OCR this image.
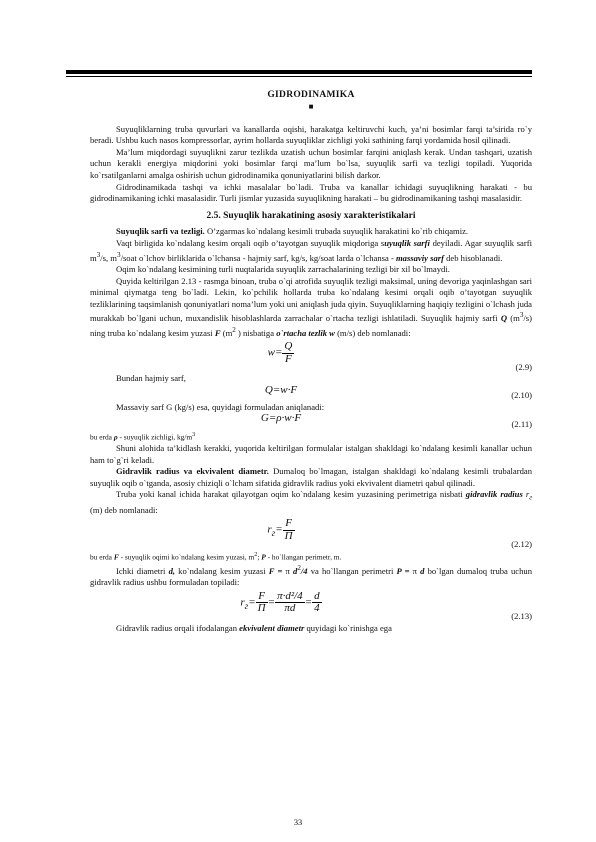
GIDRODINAMIKA
■

Suyuqliklarning truba quvurlari va kanallarda oqishi, harakatga keltiruvchi kuch, ya’ni bosimlar farqi ta’sirida ro`y beradi. Ushbu kuch nasos kompressorlar, ayrim hollarda suyuqliklar zichligi yoki sathining farqi yordamida hosil qilinadi.

Ma’lum miqdordagi suyuqlikni zarur tezlikda uzatish uchun bosimlar farqini aniqlash kerak. Undan tashqari, uzatish uchun kerakli energiya miqdorini yoki bosimlar farqi ma’lum bo`lsa, suyuqlik sarfi va tezligi topiladi. Yuqorida ko`rsatilganlarni amalga oshirish uchun gidrodinamika qonuniyatlarini bilish darkor.

Gidrodinamikada tashqi va ichki masalalar bo`ladi. Truba va kanallar ichidagi suyuqlikning harakati - bu gidrodinamikaning ichki masalasidir. Turli jismlar yuzasida suyuqlikning harakati – bu gidrodinamikaning tashqi masalasidir.

2.5. Suyuqlik harakatining asosiy xarakteristikalari

Suyuqlik sarfi va tezligi. O’zgarmas ko`ndalang kesimli trubada suyuqlik harakatini ko`rib chiqamiz.

Vaqt birligida ko`ndalang kesim orqali oqib o’tayotgan suyuqlik miqdoriga suyuqlik sarfi deyiladi. Agar suyuqlik sarfi $m^3/s$, $m^3$/soat o`lchov birliklarida o`lchansa - hajmiy sarf, kg/s, kg/soat larda o`lchansa - massaviy sarf deb hisoblanadi.

Oqim ko`ndalang kesimining turli nuqtalarida suyuqlik zarrachalarining tezligi bir xil bo`lmaydi.

Quyida keltirilgan 2.13 - rasmga binoan, truba o`qi atrofida suyuqlik tezligi maksimal, uning devoriga yaqinlashgan sari minimal qiymatga teng bo`ladi. Lekin, ko`pchilik hollarda truba ko`ndalang kesimi orqali oqib o’tayotgan suyuqlik tezliklarining taqsimlanish qonuniyatlari noma’lum yoki uni aniqlash juda qiyin. Suyuqliklarning haqiqiy tezligini o`lchash juda murakkab bo`lgani uchun, muxandislik hisoblashlarda zarrachalar o`rtacha tezligi ishlatiladi. Suyuqlik hajmiy sarfi Q $(m^3/s)$ ning truba ko`ndalang kesim yuzasi F ($m^2$ ) nisbatiga o`rtacha tezlik w (m/s) deb nomlanadi:

$w= \frac{Q}{F}$
(2.9)

Bundan hajmiy sarf,

Q=w·F	(2.10)

Massaviy sarf G (kg/s) esa, quyidagi formuladan aniqlanadi:

G=ρ·w·F	(2.11)

bu erda ρ - suyuqlik zichligi, $kg/m^3$

Shuni alohida ta’kidlash kerakki, yuqorida keltirilgan formulalar istalgan shakldagi ko`ndalang kesimli kanallar uchun ham to`g`ri keladi.

Gidravlik radius va ekvivalent diametr. Dumaloq bo`lmagan, istalgan shakldagi ko`ndalang kesimli trubalardan suyuqlik oqib o`tganda, asosiy chiziqli o`lcham sifatida gidravlik radius yoki ekvivalent diametri qabul qilinadi.

Truba yoki kanal ichida harakat qilayotgan oqim ko`ndalang kesim yuzasining perimetriga nisbati gidravlik radius $r_г$ (m) deb nomlanadi:

$r_г= \frac{F}{П}$
(2.12)

bu erda F - suyuqlik oqimi ko`ndalang kesim yuzasi, $m^2$; P - ho`llangan perimetr, m.

Ichki diametri d, ko`ndalang kesim yuzasi F = π $d^2/4$ va ho`llangan perimetri P = π d bo`lgan dumaloq truba uchun gidravlik radius ushbu formuladan topiladi:

$r_г= \frac{F}{П} = \frac{\text{π·d²/4}}{\pi d} = \frac{d}{4}$
(2.13)

Gidravlik radius orqali ifodalangan ekvivalent diametr quyidagi ko`rinishga ega

33
